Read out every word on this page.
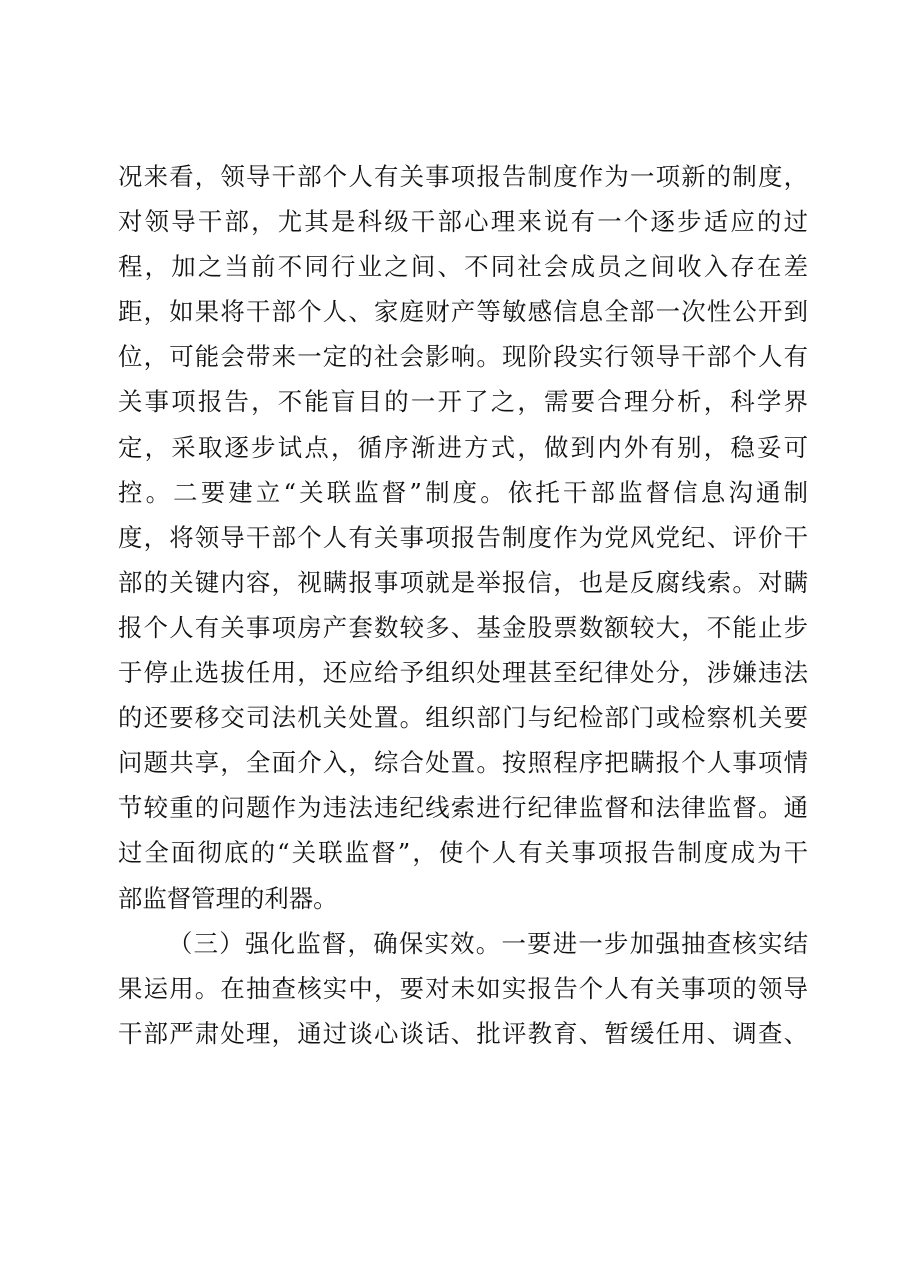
况来看，领导干部个人有关事项报告制度作为一项新的制度，
对领导干部，尤其是科级干部心理来说有一个逐步适应的过
程，加之当前不同行业之间、不同社会成员之间收入存在差
距，如果将干部个人、家庭财产等敏感信息全部一次性公开到
位，可能会带来一定的社会影响。现阶段实行领导干部个人有
关事项报告，不能盲目的一开了之，需要合理分析，科学界
定，采取逐步试点，循序渐进方式，做到内外有别，稳妥可
控。二要建立“关联监督”制度。依托干部监督信息沟通制
度，将领导干部个人有关事项报告制度作为党风党纪、评价干
部的关键内容，视瞒报事项就是举报信，也是反腐线索。对瞒
报个人有关事项房产套数较多、基金股票数额较大，不能止步
于停止选拔任用，还应给予组织处理甚至纪律处分，涉嫌违法
的还要移交司法机关处置。组织部门与纪检部门或检察机关要
问题共享，全面介入，综合处置。按照程序把瞒报个人事项情
节较重的问题作为违法违纪线索进行纪律监督和法律监督。通
过全面彻底的“关联监督”，使个人有关事项报告制度成为干
部监督管理的利器。
（三）强化监督，确保实效。一要进一步加强抽查核实结
果运用。在抽查核实中，要对未如实报告个人有关事项的领导
干部严肃处理，通过谈心谈话、批评教育、暂缓任用、调查、
